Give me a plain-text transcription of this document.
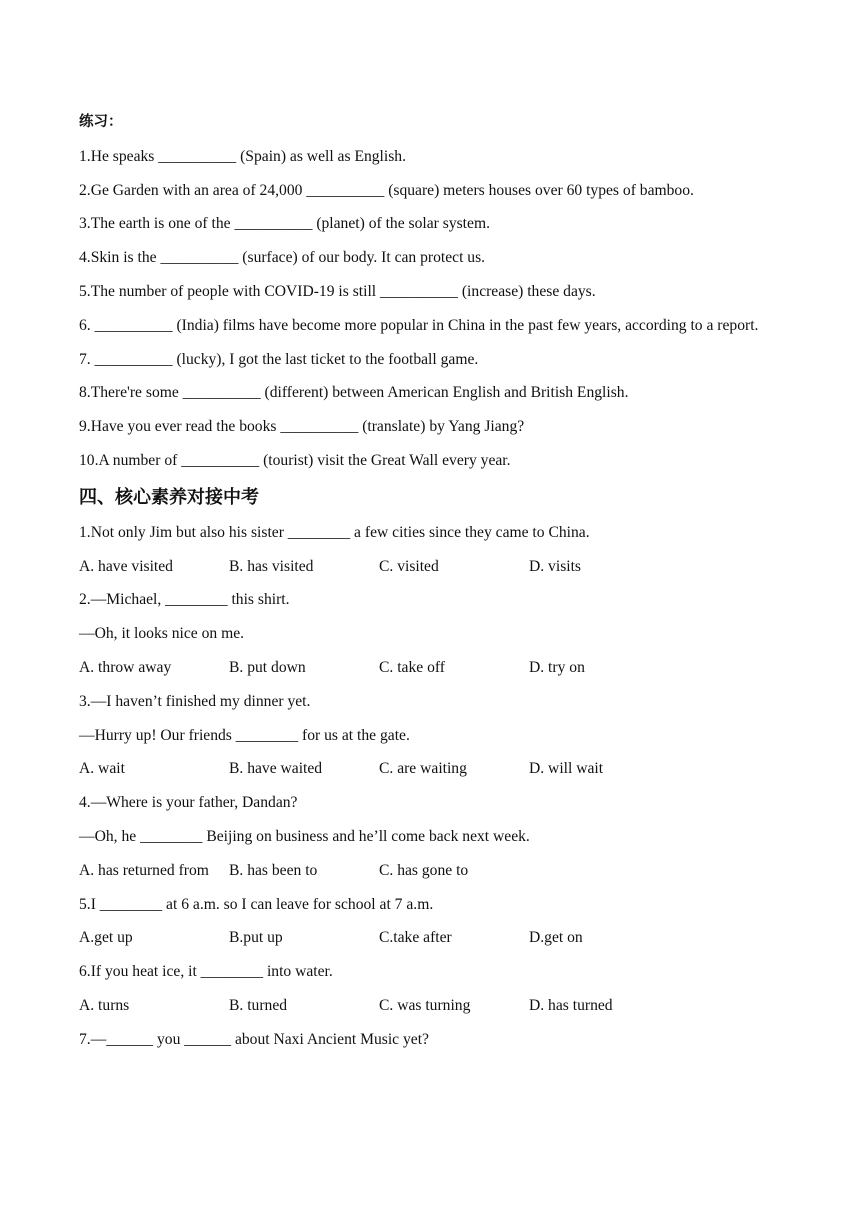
练习：
1.He speaks __________ (Spain) as well as English.
2.Ge Garden with an area of 24,000 __________ (square) meters houses over 60 types of bamboo.
3.The earth is one of the __________ (planet) of the solar system.
4.Skin is the __________ (surface) of our body. It can protect us.
5.The number of people with COVID-19 is still __________ (increase) these days.
6. __________ (India) films have become more popular in China in the past few years, according to a report.
7. __________ (lucky), I got the last ticket to the football game.
8.There're some __________ (different) between American English and British English.
9.Have you ever read the books __________ (translate) by Yang Jiang?
10.A number of __________ (tourist) visit the Great Wall every year.
四、核心素养对接中考
1.Not only Jim but also his sister ________ a few cities since they came to China.
A. have visited	B. has visited	C. visited	D. visits
2.—Michael, ________ this shirt.
—Oh, it looks nice on me.
A. throw away	B. put down	C. take off	D. try on
3.—I haven’t finished my dinner yet.
—Hurry up! Our friends ________ for us at the gate.
A. wait	B. have waited	C. are waiting	D. will wait
4.—Where is your father, Dandan?
—Oh, he ________ Beijing on business and he’ll come back next week.
A. has returned from	B. has been to	C. has gone to
5.I ________ at 6 a.m. so I can leave for school at 7 a.m.
A.get up	B.put up	C.take after	D.get on
6.If you heat ice, it ________ into water.
A. turns	B. turned	C. was turning	D. has turned
7.—______ you ______ about Naxi Ancient Music yet?
